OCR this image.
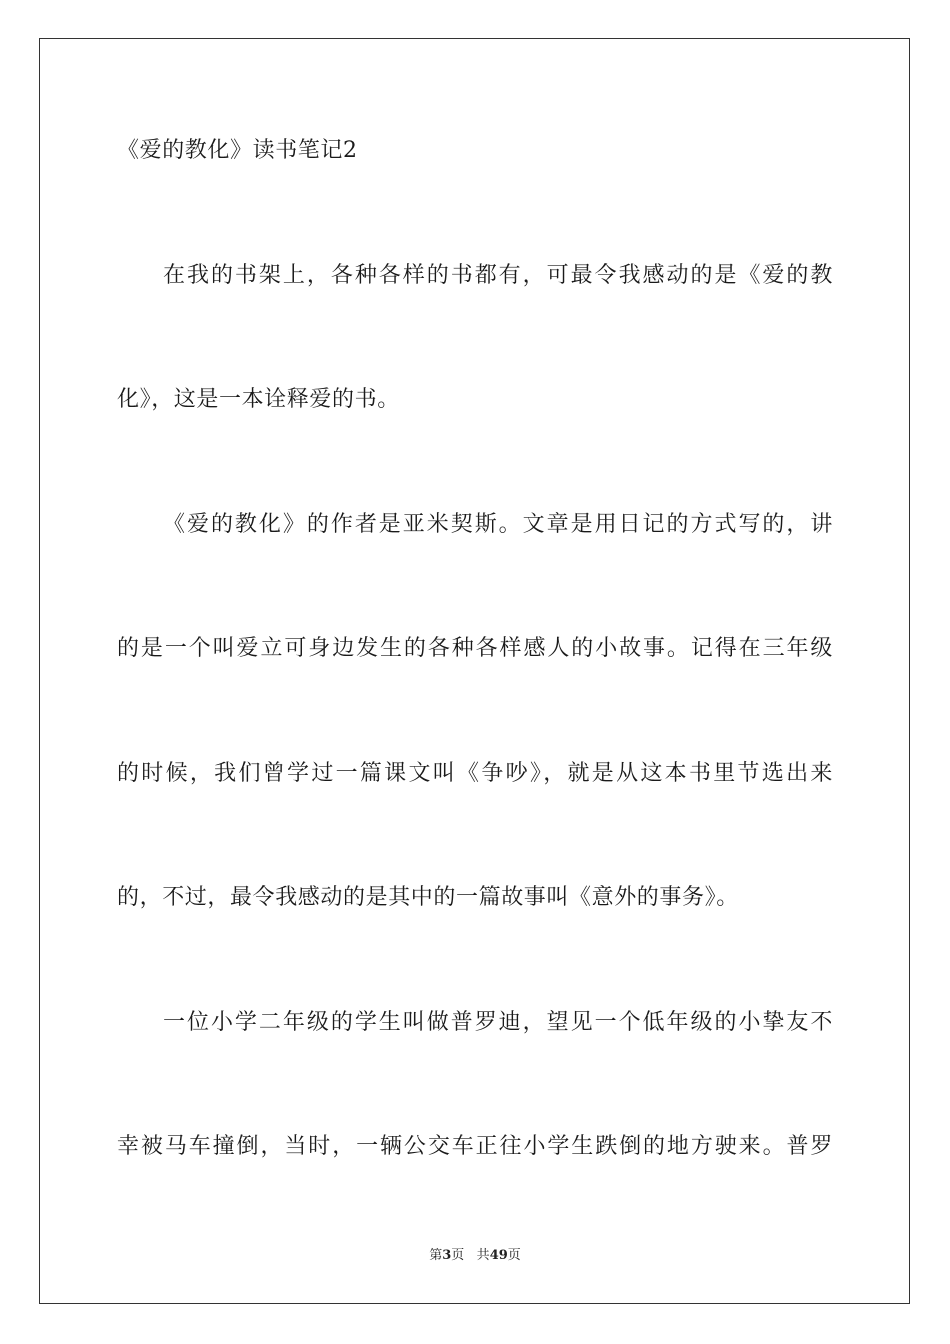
《爱的教化》读书笔记2
在我的书架上，各种各样的书都有，可最令我感动的是《爱的教
化》，这是一本诠释爱的书。
《爱的教化》的作者是亚米契斯。文章是用日记的方式写的，讲
的是一个叫爱立可身边发生的各种各样感人的小故事。记得在三年级
的时候，我们曾学过一篇课文叫《争吵》，就是从这本书里节选出来
的，不过，最令我感动的是其中的一篇故事叫《意外的事务》。
一位小学二年级的学生叫做普罗迪，望见一个低年级的小挚友不
幸被马车撞倒，当时，一辆公交车正往小学生跌倒的地方驶来。普罗
第3页 共49页
